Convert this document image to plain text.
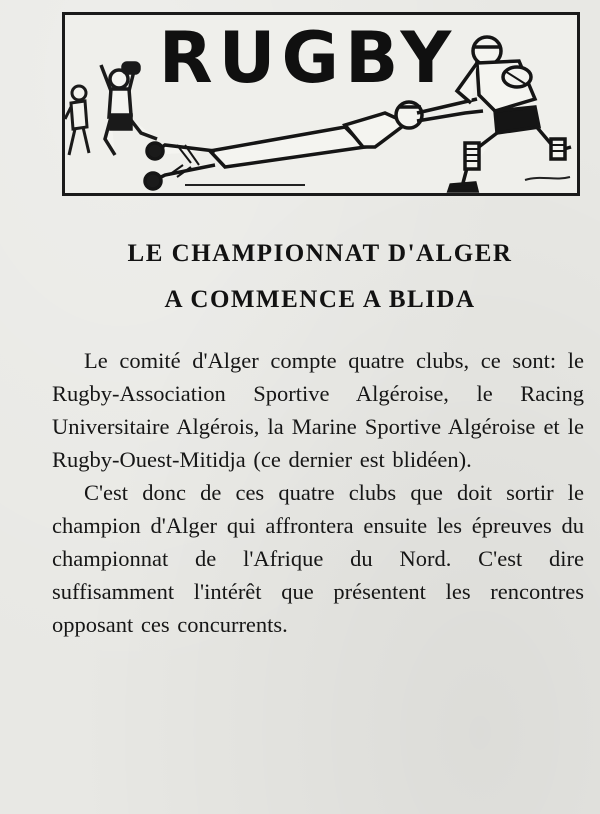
RUGBY
LE CHAMPIONNAT D'ALGER
A COMMENCE A BLIDA

Le comité d'Alger compte quatre clubs, ce sont: le Rugby-Association Sportive Algéroise, le Racing Universitaire Algérois, la Marine Sportive Algéroise et le Rugby-Ouest-Mitidja (ce dernier est blidéen).

C'est donc de ces quatre clubs que doit sortir le champion d'Alger qui affrontera ensuite les épreuves du championnat de l'Afrique du Nord. C'est dire suffisamment l'intérêt que présentent les rencontres opposant ces concurrents.
